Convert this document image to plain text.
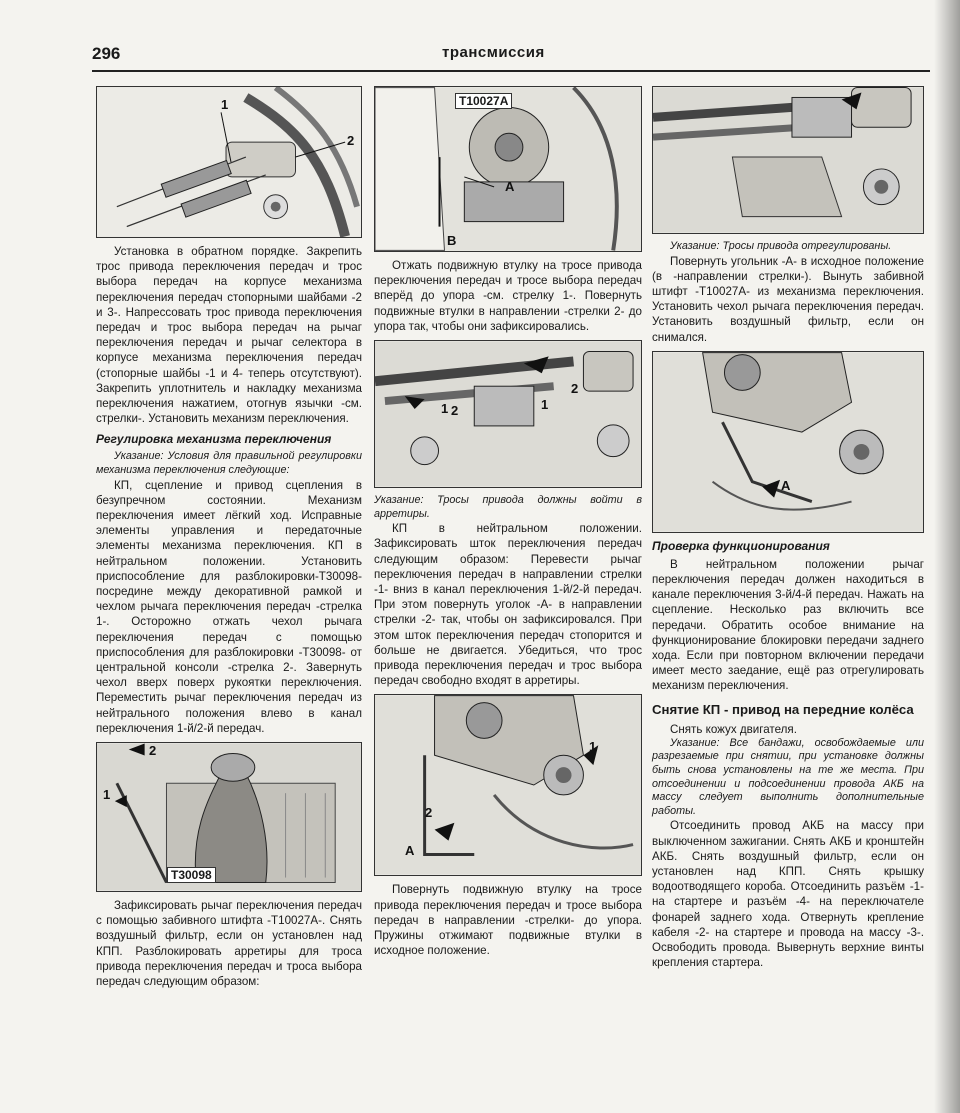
296	трансмиссия
1
2

Установка в обратном порядке. Закрепить трос привода переключения передач и трос выбора передач на корпусе механизма переключения передач стопорными шайбами -2 и 3-. Напрессовать трос привода переключения передач и трос выбора передач на рычаг переключения передач и рычаг селектора в корпусе механизма переключения передач (стопорные шайбы -1 и 4- теперь отсутствуют). Закрепить уплотнитель и накладку механизма переключения нажатием, отогнув язычки -см. стрелки-. Установить механизм переключения.

Регулировка механизма переключения

Указание: Условия для правильной регулировки механизма переключения следующие:

КП, сцепление и привод сцепления в безупречном состоянии. Механизм переключения имеет лёгкий ход. Исправные элементы управления и передаточные элементы механизма переключения. КП в нейтральном положении. Установить приспособление для разблокировки-Т30098-посредине между декоративной рамкой и чехлом рычага переключения передач -стрелка 1-. Осторожно отжать чехол рычага переключения передач с помощью приспособления для разблокировки -Т30098- от центральной консоли -стрелка 2-. Завернуть чехол вверх поверх рукоятки переключения. Переместить рычаг переключения передач из нейтрального положения влево в канал переключения 1-й/2-й передач.

2
1
T30098

Зафиксировать рычаг переключения передач с помощью забивного штифта -Т10027А-. Снять воздушный фильтр, если он установлен над КПП. Разблокировать арретиры для троса привода переключения передач и троса выбора передач следующим образом:

T10027A
A
B

Отжать подвижную втулку на тросе привода переключения передач и тросе выбора передач вперёд до упора -см. стрелку 1-. Повернуть подвижные втулки в направлении -стрелки 2- до упора так, чтобы они зафиксировались.

1 2	1
2

Указание: Тросы привода должны войти в арретиры.

КП в нейтральном положении. Зафиксировать шток переключения передач следующим образом: Перевести рычаг переключения передач в направлении стрелки -1- вниз в канал переключения 1-й/2-й передач. При этом повернуть уголок -А- в направлении стрелки -2- так, чтобы он зафиксировался. При этом шток переключения передач стопорится и больше не двигается. Убедиться, что трос привода переключения передач и трос выбора передач свободно входят в арретиры.

1
2
A

Повернуть подвижную втулку на тросе привода переключения передач и тросе выбора передач в направлении -стрелки- до упора. Пружины отжимают подвижные втулки в исходное положение.

Указание: Тросы привода отрегулированы.

Повернуть угольник -А- в исходное положение (в -направлении стрелки-). Вынуть забивной штифт -Т10027А- из механизма переключения. Установить чехол рычага переключения передач. Установить воздушный фильтр, если он снимался.

A
Проверка функционирования

В нейтральном положении рычаг переключения передач должен находиться в канале переключения 3-й/4-й передач. Нажать на сцепление. Несколько раз включить все передачи. Обратить особое внимание на функционирование блокировки передачи заднего хода. Если при повторном включении передачи имеет место заедание, ещё раз отрегулировать механизм переключения.

Снятие КП - привод на передние колёса

Снять кожух двигателя.

Указание: Все бандажи, освобождаемые или разрезаемые при снятии, при установке должны быть снова установлены на те же места. При отсоединении и подсоединении провода АКБ на массу следует выполнить дополнительные работы.

Отсоединить провод АКБ на массу при выключенном зажигании. Снять АКБ и кронштейн АКБ. Снять воздушный фильтр, если он установлен над КПП. Снять крышку водоотводящего короба. Отсоединить разъём -1- на стартере и разъём -4- на переключателе фонарей заднего хода. Отвернуть крепление кабеля -2- на стартере и провода на массу -3-. Освободить провода. Вывернуть верхние винты крепления стартера.
